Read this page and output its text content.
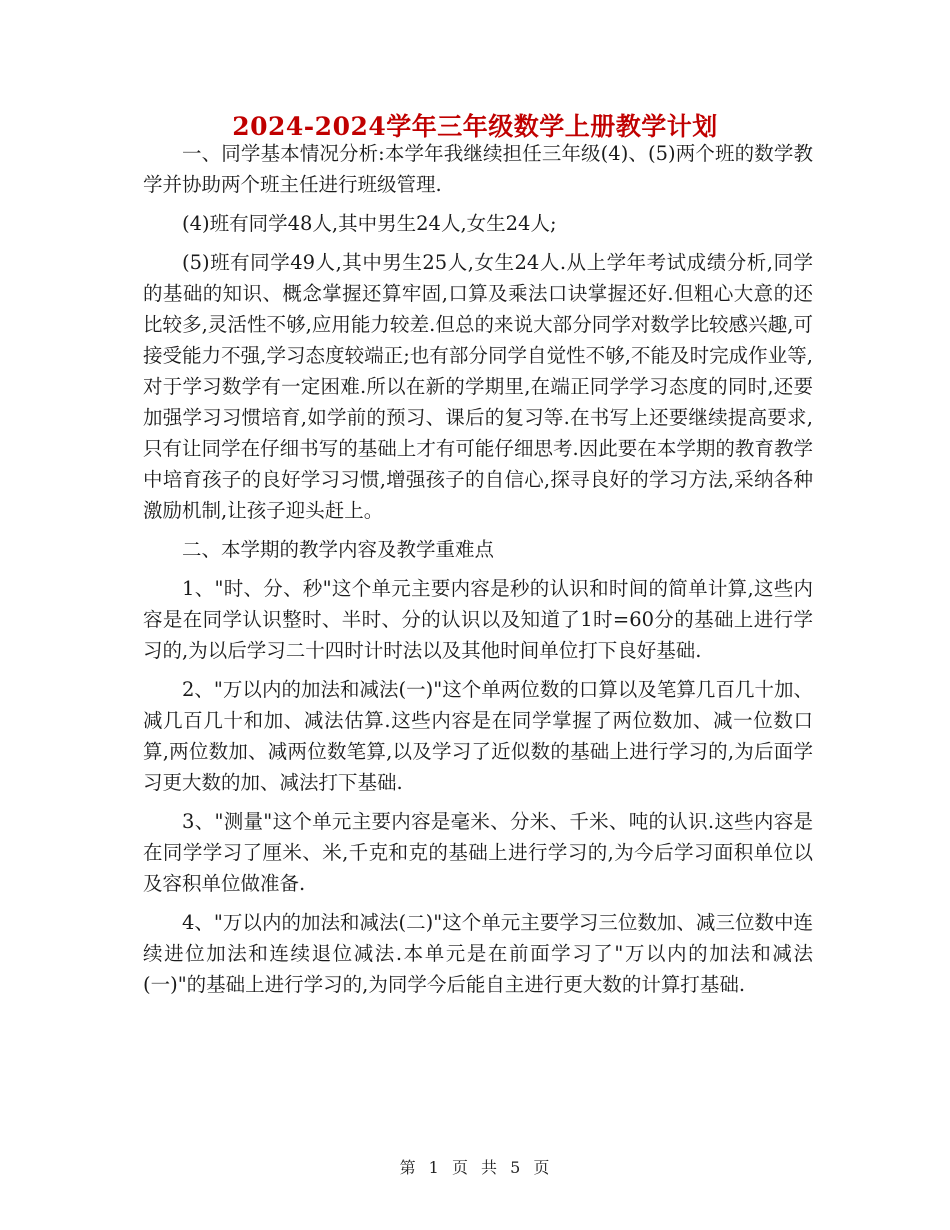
2024-2024学年三年级数学上册教学计划

一、同学基本情况分析:本学年我继续担任三年级(4)、(5)两个班的数学教学并协助两个班主任进行班级管理.

(4)班有同学48人,其中男生24人,女生24人;

(5)班有同学49人,其中男生25人,女生24人.从上学年考试成绩分析,同学的基础的知识、概念掌握还算牢固,口算及乘法口诀掌握还好.但粗心大意的还比较多,灵活性不够,应用能力较差.但总的来说大部分同学对数学比较感兴趣,可接受能力不强,学习态度较端正;也有部分同学自觉性不够,不能及时完成作业等,对于学习数学有一定困难.所以在新的学期里,在端正同学学习态度的同时,还要加强学习习惯培育,如学前的预习、课后的复习等.在书写上还要继续提高要求,只有让同学在仔细书写的基础上才有可能仔细思考.因此要在本学期的教育教学中培育孩子的良好学习习惯,增强孩子的自信心,探寻良好的学习方法,采纳各种激励机制,让孩子迎头赶上。

二、本学期的教学内容及教学重难点

1、"时、分、秒"这个单元主要内容是秒的认识和时间的简单计算,这些内容是在同学认识整时、半时、分的认识以及知道了1时=60分的基础上进行学习的,为以后学习二十四时计时法以及其他时间单位打下良好基础.

2、"万以内的加法和减法(一)"这个单两位数的口算以及笔算几百几十加、减几百几十和加、减法估算.这些内容是在同学掌握了两位数加、减一位数口算,两位数加、减两位数笔算,以及学习了近似数的基础上进行学习的,为后面学习更大数的加、减法打下基础.

3、"测量"这个单元主要内容是毫米、分米、千米、吨的认识.这些内容是在同学学习了厘米、米,千克和克的基础上进行学习的,为今后学习面积单位以及容积单位做准备.

4、"万以内的加法和减法(二)"这个单元主要学习三位数加、减三位数中连续进位加法和连续退位减法.本单元是在前面学习了"万以内的加法和减法(一)"的基础上进行学习的,为同学今后能自主进行更大数的计算打基础.

第 1 页 共 5 页
